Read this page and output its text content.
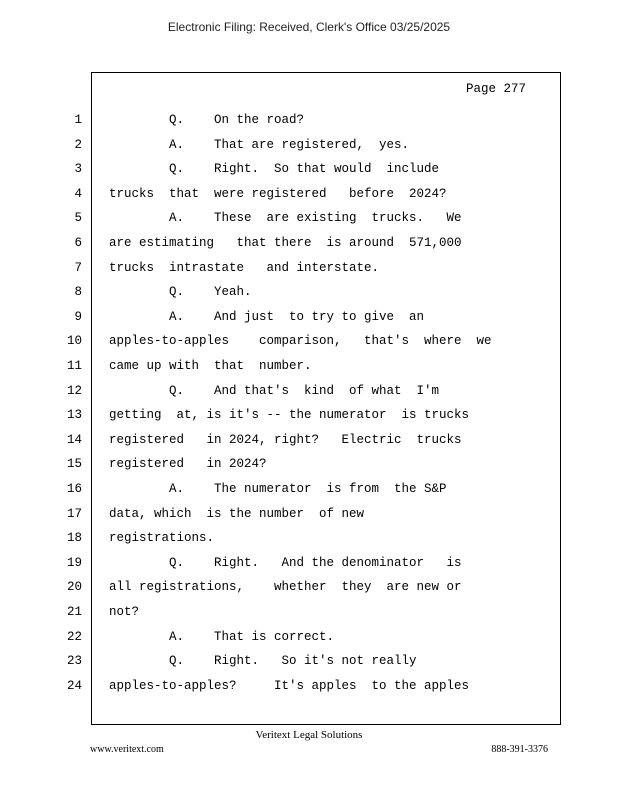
Electronic Filing: Received, Clerk's Office 03/25/2025
Page 277
1 Q.    On the road?
2 A.    That are registered,  yes.
3 Q.    Right.  So that would  include
4 trucks  that  were registered   before  2024?
5 A.    These  are existing  trucks.   We
6 are estimating   that there  is around  571,000
7 trucks  intrastate   and interstate.
8 Q.    Yeah.
9 A.    And just  to try to give  an
10 apples-to-apples    comparison,   that's  where  we
11 came up with  that  number.
12 Q.    And that's  kind  of what  I'm
13 getting  at, is it's -- the numerator  is trucks
14 registered   in 2024, right?   Electric  trucks
15 registered   in 2024?
16 A.    The numerator  is from  the S&P
17 data, which  is the number  of new
18 registrations.
19 Q.    Right.   And the denominator   is
20 all registrations,    whether  they  are new or
21 not?
22 A.    That is correct.
23 Q.    Right.   So it's not really
24 apples-to-apples?     It's apples  to the apples
Veritext Legal Solutions
www.veritext.com	888-391-3376
